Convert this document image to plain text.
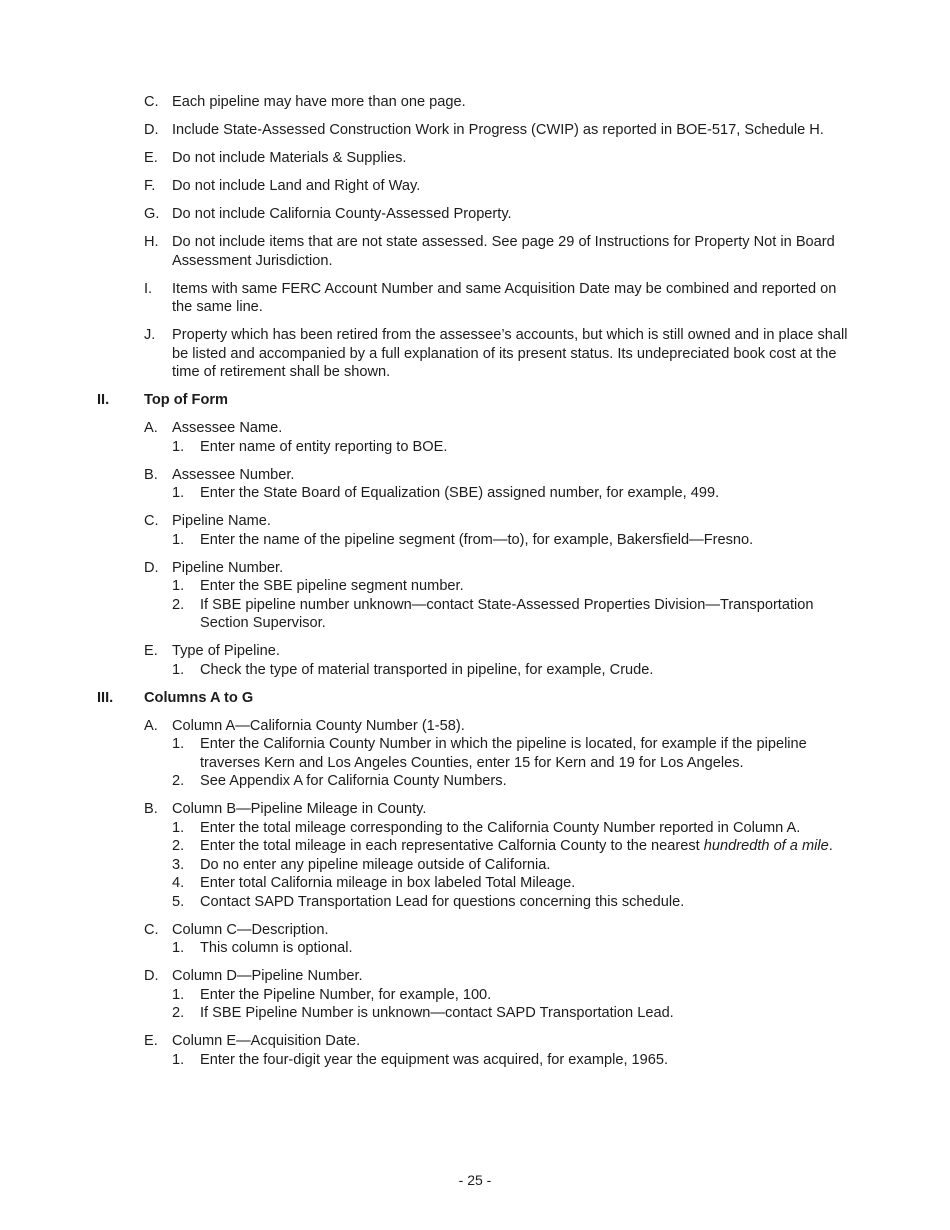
C. Each pipeline may have more than one page.
D. Include State-Assessed Construction Work in Progress (CWIP) as reported in BOE-517, Schedule H.
E. Do not include Materials & Supplies.
F. Do not include Land and Right of Way.
G. Do not include California County-Assessed Property.
H. Do not include items that are not state assessed. See page 29 of Instructions for Property Not in Board Assessment Jurisdiction.
I. Items with same FERC Account Number and same Acquisition Date may be combined and reported on the same line.
J. Property which has been retired from the assessee’s accounts, but which is still owned and in place shall be listed and accompanied by a full explanation of its present status. Its undepreciated book cost at the time of retirement shall be shown.
II. Top of Form
A. Assessee Name.
1. Enter name of entity reporting to BOE.
B. Assessee Number.
1. Enter the State Board of Equalization (SBE) assigned number, for example, 499.
C. Pipeline Name.
1. Enter the name of the pipeline segment (from—to), for example, Bakersfield—Fresno.
D. Pipeline Number.
1. Enter the SBE pipeline segment number.
2. If SBE pipeline number unknown—contact State-Assessed Properties Division—Transportation Section Supervisor.
E. Type of Pipeline.
1. Check the type of material transported in pipeline, for example, Crude.
III. Columns A to G
A. Column A—California County Number (1-58).
1. Enter the California County Number in which the pipeline is located, for example if the pipeline traverses Kern and Los Angeles Counties, enter 15 for Kern and 19 for Los Angeles.
2. See Appendix A for California County Numbers.
B. Column B—Pipeline Mileage in County.
1. Enter the total mileage corresponding to the California County Number reported in Column A.
2. Enter the total mileage in each representative Calfornia County to the nearest hundredth of a mile.
3. Do no enter any pipeline mileage outside of California.
4. Enter total California mileage in box labeled Total Mileage.
5. Contact SAPD Transportation Lead for questions concerning this schedule.
C. Column C—Description.
1. This column is optional.
D. Column D—Pipeline Number.
1. Enter the Pipeline Number, for example, 100.
2. If SBE Pipeline Number is unknown—contact SAPD Transportation Lead.
E. Column E—Acquisition Date.
1. Enter the four-digit year the equipment was acquired, for example, 1965.
- 25 -
